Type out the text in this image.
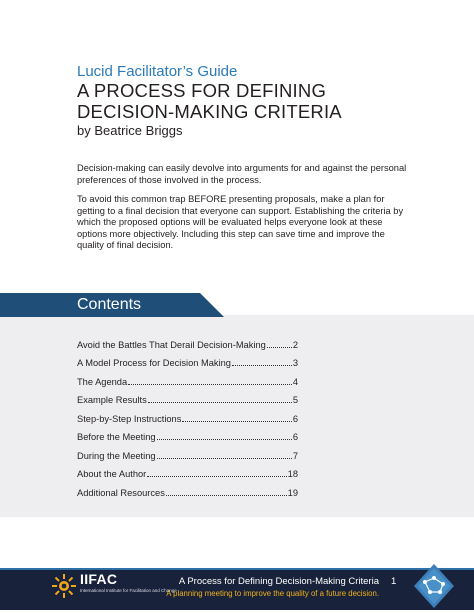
Lucid Facilitator’s Guide
A PROCESS FOR DEFINING DECISION-MAKING CRITERIA
by Beatrice Briggs

Decision-making can easily devolve into arguments for and against the personal preferences of those involved in the process.

To avoid this common trap BEFORE presenting proposals, make a plan for getting to a final decision that everyone can support. Establishing the criteria by which the proposed options will be evaluated helps everyone look at these options more objectively. Including this step can save time and improve the quality of final decision.

Contents
Avoid the Battles That Derail Decision-Making	2
A Model Process for Decision Making	3
The Agenda	4
Example Results	5
Step-by-Step Instructions	6
Before the Meeting	6
During the Meeting	7
About the Author	18
Additional Resources	19
IIFAC
International Institute for Facilitation and Change
A Process for Defining Decision-Making Criteria
A planning meeting to improve the quality of a future decision.
1
